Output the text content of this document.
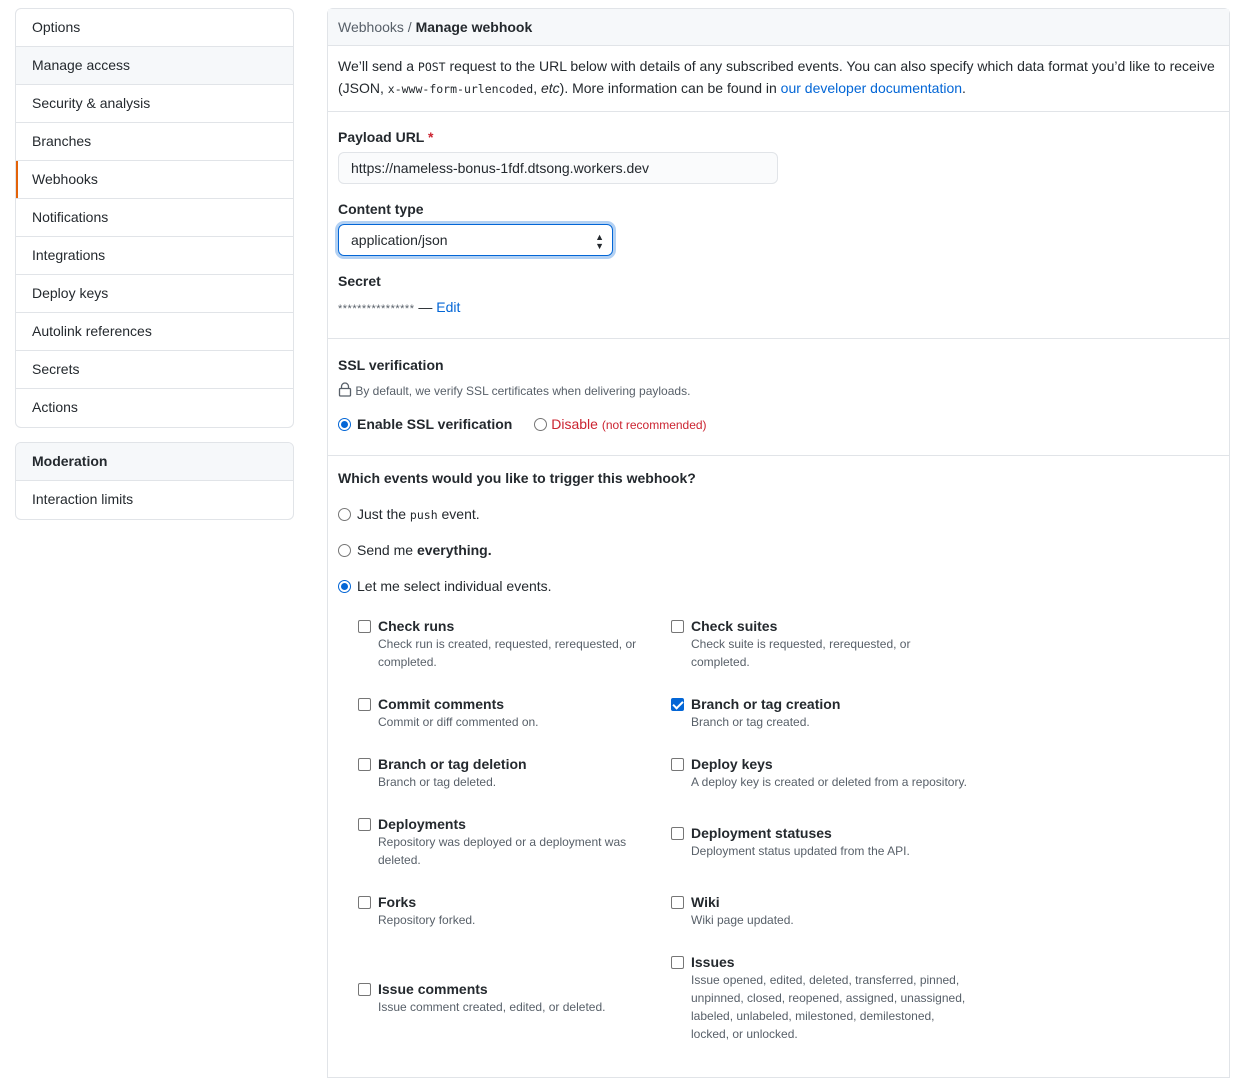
Options
Manage access
Security & analysis
Branches
Webhooks
Notifications
Integrations
Deploy keys
Autolink references
Secrets
Actions
Moderation
Interaction limits
Webhooks / Manage webhook
We’ll send a POST request to the URL below with details of any subscribed events. You can also specify which data format you’d like to receive (JSON, x-www-form-urlencoded, etc). More information can be found in our developer documentation.
Payload URL *
https://nameless-bonus-1fdf.dtsong.workers.dev
Content type
application/json	▲
▼
Secret
**************** — Edit
SSL verification
By default, we verify SSL certificates when delivering payloads.
Enable SSL verification	Disable (not recommended)
Which events would you like to trigger this webhook?
Just the push event.
Send me everything.
Let me select individual events.
Check runs
Check run is created, requested, rerequested, or completed.
Check suites
Check suite is requested, rerequested, or completed.
Commit comments
Commit or diff commented on.
Branch or tag creation
Branch or tag created.
Branch or tag deletion
Branch or tag deleted.
Deploy keys
A deploy key is created or deleted from a repository.
Deployments
Repository was deployed or a deployment was deleted.
Deployment statuses
Deployment status updated from the API.
Forks
Repository forked.
Wiki
Wiki page updated.
Issue comments
Issue comment created, edited, or deleted.
Issues
Issue opened, edited, deleted, transferred, pinned, unpinned, closed, reopened, assigned, unassigned, labeled, unlabeled, milestoned, demilestoned, locked, or unlocked.
